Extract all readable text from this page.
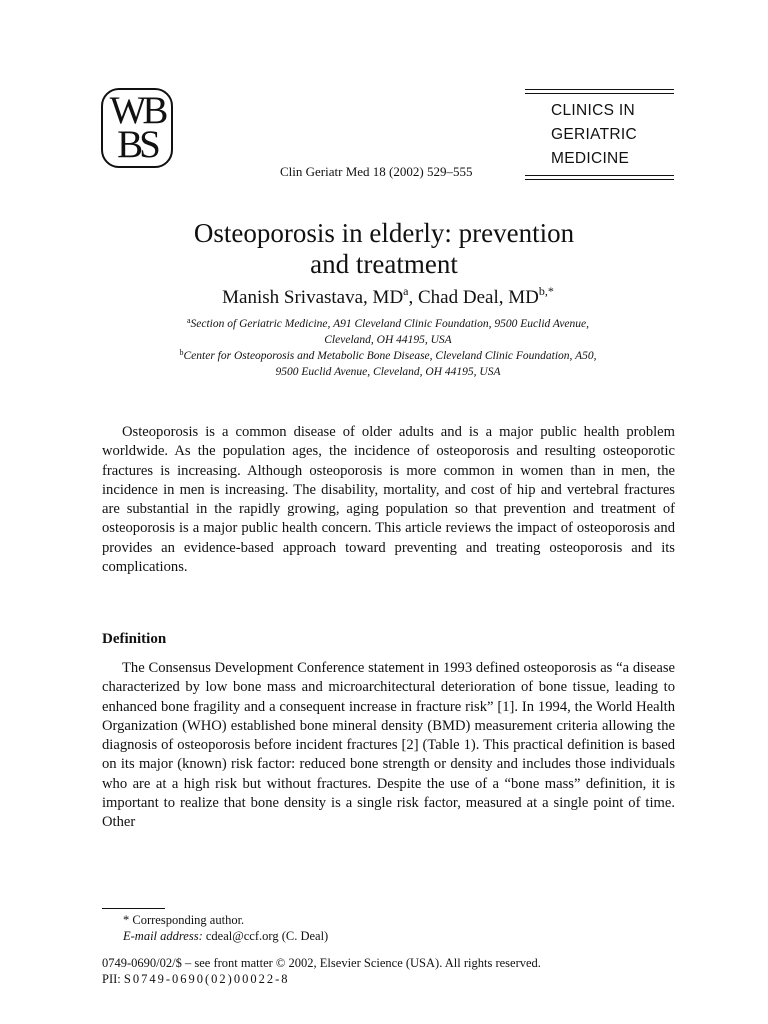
WB
BS
Clin Geriatr Med 18 (2002) 529–555
CLINICS IN
GERIATRIC
MEDICINE
Osteoporosis in elderly: prevention
and treatment
Manish Srivastava, $MD^a$, Chad Deal, $MD^{b,*}$
$^a$Section of Geriatric Medicine, A91 Cleveland Clinic Foundation, 9500 Euclid Avenue,
Cleveland, OH 44195, USA
$^b$Center for Osteoporosis and Metabolic Bone Disease, Cleveland Clinic Foundation, A50,
9500 Euclid Avenue, Cleveland, OH 44195, USA

Osteoporosis is a common disease of older adults and is a major public health problem worldwide. As the population ages, the incidence of osteoporosis and resulting osteoporotic fractures is increasing. Although osteoporosis is more common in women than in men, the incidence in men is increasing. The disability, mortality, and cost of hip and vertebral fractures are substantial in the rapidly growing, aging population so that prevention and treatment of osteoporosis is a major public health concern. This article reviews the impact of osteoporosis and provides an evidence-based approach toward preventing and treating osteoporosis and its complications.

Definition

The Consensus Development Conference statement in 1993 defined osteoporosis as “a disease characterized by low bone mass and microarchitectural deterioration of bone tissue, leading to enhanced bone fragility and a consequent increase in fracture risk” [1]. In 1994, the World Health Organization (WHO) established bone mineral density (BMD) measurement criteria allowing the diagnosis of osteoporosis before incident fractures [2] (Table 1). This practical definition is based on its major (known) risk factor: reduced bone strength or density and includes those individuals who are at a high risk but without fractures. Despite the use of a “bone mass” definition, it is important to realize that bone density is a single risk factor, measured at a single point of time. Other

* Corresponding author.
E-mail address: cdeal@ccf.org (C. Deal)
0749-0690/02/$ – see front matter © 2002, Elsevier Science (USA). All rights reserved.
PII: S0749-0690(02)00022-8
